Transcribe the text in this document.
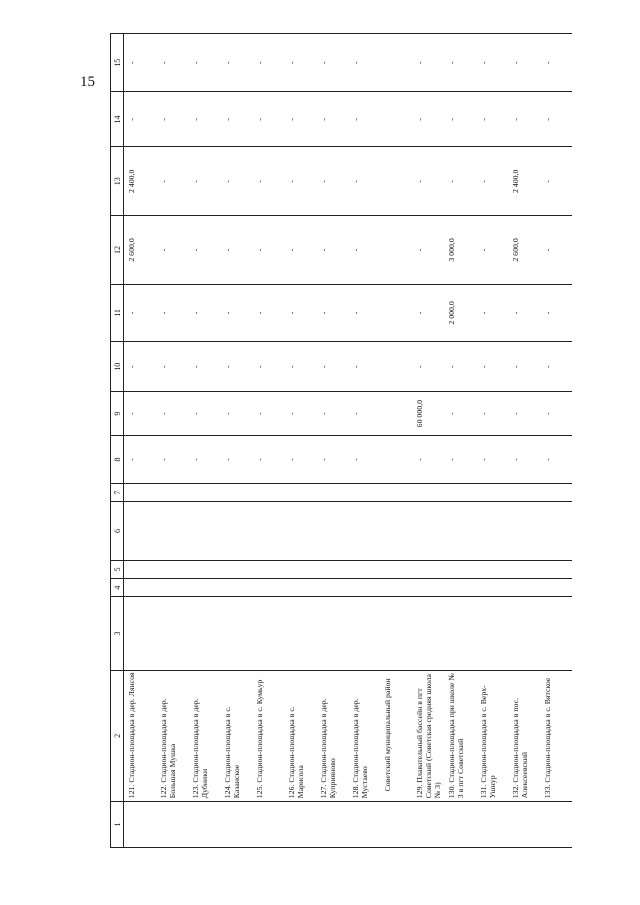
15
1	2	3	4	5	6	7	8	9	10	11	12	13	14	15
	121. Стадион-площадка в дер. Лянсоя						-	-	-	-	2 600,0	2 400,0	-	-
	122. Стадион-площадка в дер. Большая Мушка						-	-	-	-	-	-	-	-
	123. Стадион-площадка в дер. Дубники						-	-	-	-	-	-	-	-
	124. Стадион-площадка в с. Казанское						-	-	-	-	-	-	-	-
	125. Стадион-площадка в с. Кумьур						-	-	-	-	-	-	-	-
	126. Стадион-площадка в с. Марисола						-	-	-	-	-	-	-	-
	127. Стадион-площадка в дер. Куприяново						-	-	-	-	-	-	-	-
	128. Стадион-площадка в дер. Мустаево						-	-	-	-	-	-	-	-
	Советский муниципальный район													
	129. Плавательный бассейн в пгт Советский (Советская средняя школа № 3)						-	60 000,0	-	-	-	-	-	-
	130. Стадион-площадка при школе № 3 в пгт Советский						-	-	-	2 000,0	3 000,0	-	-	-
	131. Стадион-площадка в с. Верх-Ушнур						-	-	-	-	-	-	-	-
	132. Стадион-площадка в пос. Алексеевский						-	-	-	-	2 600,0	2 400,0	-	-
	133. Стадион-площадка в с. Вятское						-	-	-	-	-	-	-	-
